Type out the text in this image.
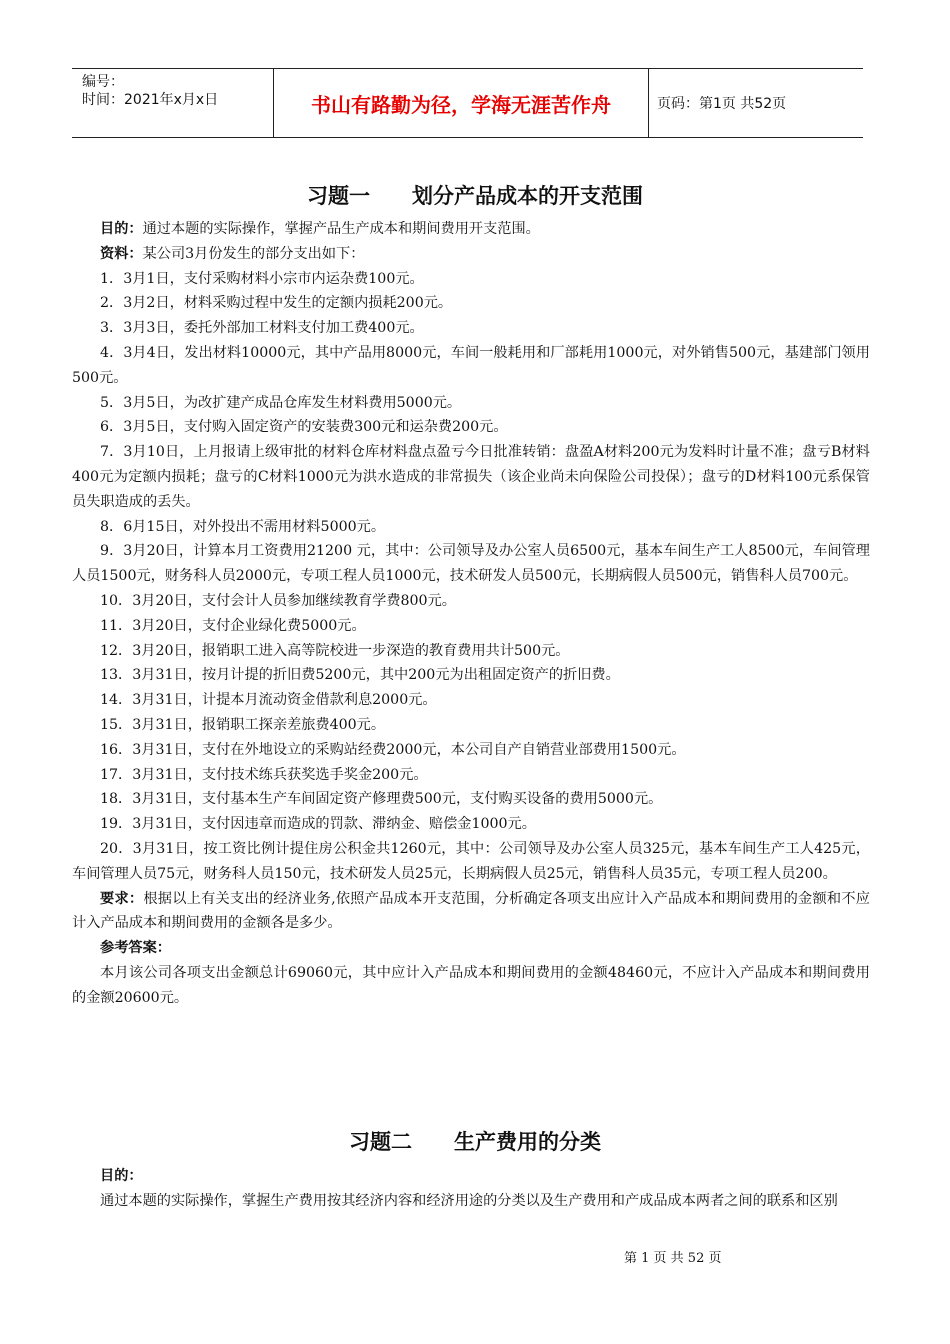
编号：
时间：2021年x月x日	书山有路勤为径，学海无涯苦作舟	页码：第1页 共52页
习题一 划分产品成本的开支范围

目的：通过本题的实际操作，掌握产品生产成本和期间费用开支范围。

资料：某公司3月份发生的部分支出如下：

1．3月1日，支付采购材料小宗市内运杂费100元。

2．3月2日，材料采购过程中发生的定额内损耗200元。

3．3月3日，委托外部加工材料支付加工费400元。

4．3月4日，发出材料10000元，其中产品用8000元，车间一般耗用和厂部耗用1000元，对外销售500元，基建部门领用500元。

5．3月5日，为改扩建产成品仓库发生材料费用5000元。

6．3月5日，支付购入固定资产的安装费300元和运杂费200元。

7．3月10日，上月报请上级审批的材料仓库材料盘点盈亏今日批准转销：盘盈A材料200元为发料时计量不准；盘亏B材料400元为定额内损耗；盘亏的C材料1000元为洪水造成的非常损失（该企业尚未向保险公司投保）；盘亏的D材料100元系保管员失职造成的丢失。

8．6月15日，对外投出不需用材料5000元。

9．3月20日，计算本月工资费用21200 元，其中：公司领导及办公室人员6500元，基本车间生产工人8500元，车间管理人员1500元，财务科人员2000元，专项工程人员1000元，技术研发人员500元，长期病假人员500元，销售科人员700元。

10．3月20日，支付会计人员参加继续教育学费800元。

11．3月20日，支付企业绿化费5000元。

12．3月20日，报销职工进入高等院校进一步深造的教育费用共计500元。

13．3月31日，按月计提的折旧费5200元，其中200元为出租固定资产的折旧费。

14．3月31日，计提本月流动资金借款利息2000元。

15．3月31日，报销职工探亲差旅费400元。

16．3月31日，支付在外地设立的采购站经费2000元，本公司自产自销营业部费用1500元。

17．3月31日，支付技术练兵获奖选手奖金200元。

18．3月31日，支付基本生产车间固定资产修理费500元，支付购买设备的费用5000元。

19．3月31日，支付因违章而造成的罚款、滞纳金、赔偿金1000元。

20．3月31日，按工资比例计提住房公积金共1260元，其中：公司领导及办公室人员325元，基本车间生产工人425元，车间管理人员75元，财务科人员150元，技术研发人员25元，长期病假人员25元，销售科人员35元，专项工程人员200。

要求：根据以上有关支出的经济业务,依照产品成本开支范围，分析确定各项支出应计入产品成本和期间费用的金额和不应计入产品成本和期间费用的金额各是多少。

参考答案：

本月该公司各项支出金额总计69060元，其中应计入产品成本和期间费用的金额48460元，不应计入产品成本和期间费用的金额20600元。

习题二 生产费用的分类

目的：

通过本题的实际操作，掌握生产费用按其经济内容和经济用途的分类以及生产费用和产成品成本两者之间的联系和区别

第 1 页 共 52 页
